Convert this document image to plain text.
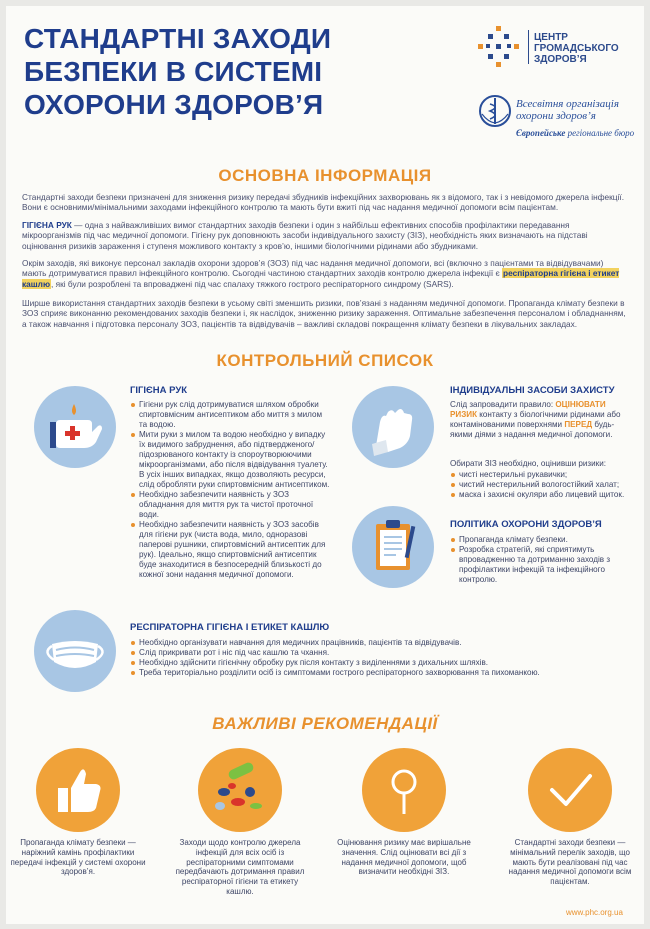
СТАНДАРТНІ ЗАХОДИ
БЕЗПЕКИ В СИСТЕМІ
ОХОРОНИ ЗДОРОВ’Я
ЦЕНТР
ГРОМАДСЬКОГО
ЗДОРОВ’Я
Всесвітня організація
охорони здоров’я
Європейське регіональне бюро
ОСНОВНА ІНФОРМАЦІЯ
Стандартні заходи безпеки призначені для зниження ризику передачі збудників інфекційних захворювань як з відомого, так і з невідомого джерела інфекції. Вони є основними/мінімальними заходами інфекційного контролю та мають бути вжиті під час надання медичної допомоги всім пацієнтам.
ГІГІЄНА РУК — одна з найважливіших вимог стандартних заходів безпеки і один з найбільш ефективних способів профілактики передавання мікроорганізмів під час медичної допомоги. Гігієну рук доповнюють засоби індивідуального захисту (ЗІЗ), необхідність яких визначають на підставі оцінювання ризиків зараження і ступеня можливого контакту з кров’ю, іншими біологічними рідинами або збудниками.
Окрім заходів, які виконує персонал закладів охорони здоров’я (ЗОЗ) під час надання медичної допомоги, всі (включно з пацієнтами та відвідувачами) мають дотримуватися правил інфекційного контролю. Сьогодні частиною стандартних заходів контролю джерела інфекції є респіраторна гігієна і етикет кашлю, які були розроблені та впроваджені під час спалаху тяжкого гострого респіраторного синдрому (SARS).
Ширше використання стандартних заходів безпеки в усьому світі зменшить ризики, пов’язані з наданням медичної допомоги. Пропаганда клімату безпеки в ЗОЗ сприяє виконанню рекомендованих заходів безпеки і, як наслідок, зниженню ризику зараження. Оптимальне забезпечення персоналом і обладнанням, а також навчання і підготовка персоналу ЗОЗ, пацієнтів та відвідувачів – важливі складові покращення клімату безпеки в лікувальних закладах.
КОНТРОЛЬНИЙ СПИСОК
ГІГІЄНА РУК
Гігієни рук слід дотримуватися шляхом обробки спиртовмісним антисептиком або миття з милом та водою.
Мити руки з милом та водою необхідно у випадку їх видимого забруднення, або підтвердженого/підозрюваного контакту із спороутворюючими мікроорганізмами, або після відвідування туалету. В усіх інших випадках, якщо дозволяють ресурси, слід обробляти руки спиртовмісним антисептиком.
Необхідно забезпечити наявність у ЗОЗ обладнання для миття рук та чистої проточної води.
Необхідно забезпечити наявність у ЗОЗ засобів для гігієни рук (чиста вода, мило, одноразові паперові рушники, спиртовмісний антисептик для рук). Ідеально, якщо спиртовмісний антисептик буде знаходитися в безпосередній близькості до кожної зони надання медичної допомоги.
ІНДИВІДУАЛЬНІ ЗАСОБИ ЗАХИСТУ
Слід запровадити правило: ОЦІНЮВАТИ РИЗИК контакту з біологічними рідинами або контамінованими поверхнями ПЕРЕД будь-якими діями з надання медичної допомоги.
Обирати ЗІЗ необхідно, оцінивши ризики:
чисті нестерильні рукавички;
чистий нестерильний вологостійкий халат;
маска і захисні окуляри або лицевий щиток.
ПОЛІТИКА ОХОРОНИ ЗДОРОВ’Я
Пропаганда клімату безпеки.
Розробка стратегій, які сприятимуть впровадженню та дотриманню заходів з профілактики інфекцій та інфекційного контролю.
РЕСПІРАТОРНА ГІГІЄНА І ЕТИКЕТ КАШЛЮ
Необхідно організувати навчання для медичних працівників, пацієнтів та відвідувачів.
Слід прикривати рот і ніс під час кашлю та чхання.
Необхідно здійснити гігієнічну обробку рук після контакту з виділеннями з дихальних шляхів.
Треба територіально розділити осіб із симптомами гострого респіраторного захворювання та пихоманкою.
ВАЖЛИВІ РЕКОМЕНДАЦІЇ
Пропаганда клімату безпеки — наріжний камінь профілактики передачі інфекцій у системі охорони здоров’я.
Заходи щодо контролю джерела інфекцій для всіх осіб із респіраторними симптомами передбачають дотримання правил респіраторної гігієни та етикету кашлю.
Оцінювання ризику має вирішальне значення. Слід оцінювати всі дії з надання медичної допомоги, щоб визначити необхідні ЗІЗ.
Стандартні заходи безпеки — мінімальний перелік заходів, що мають бути реалізовані під час надання медичної допомоги всім пацієнтам.
www.phc.org.ua
